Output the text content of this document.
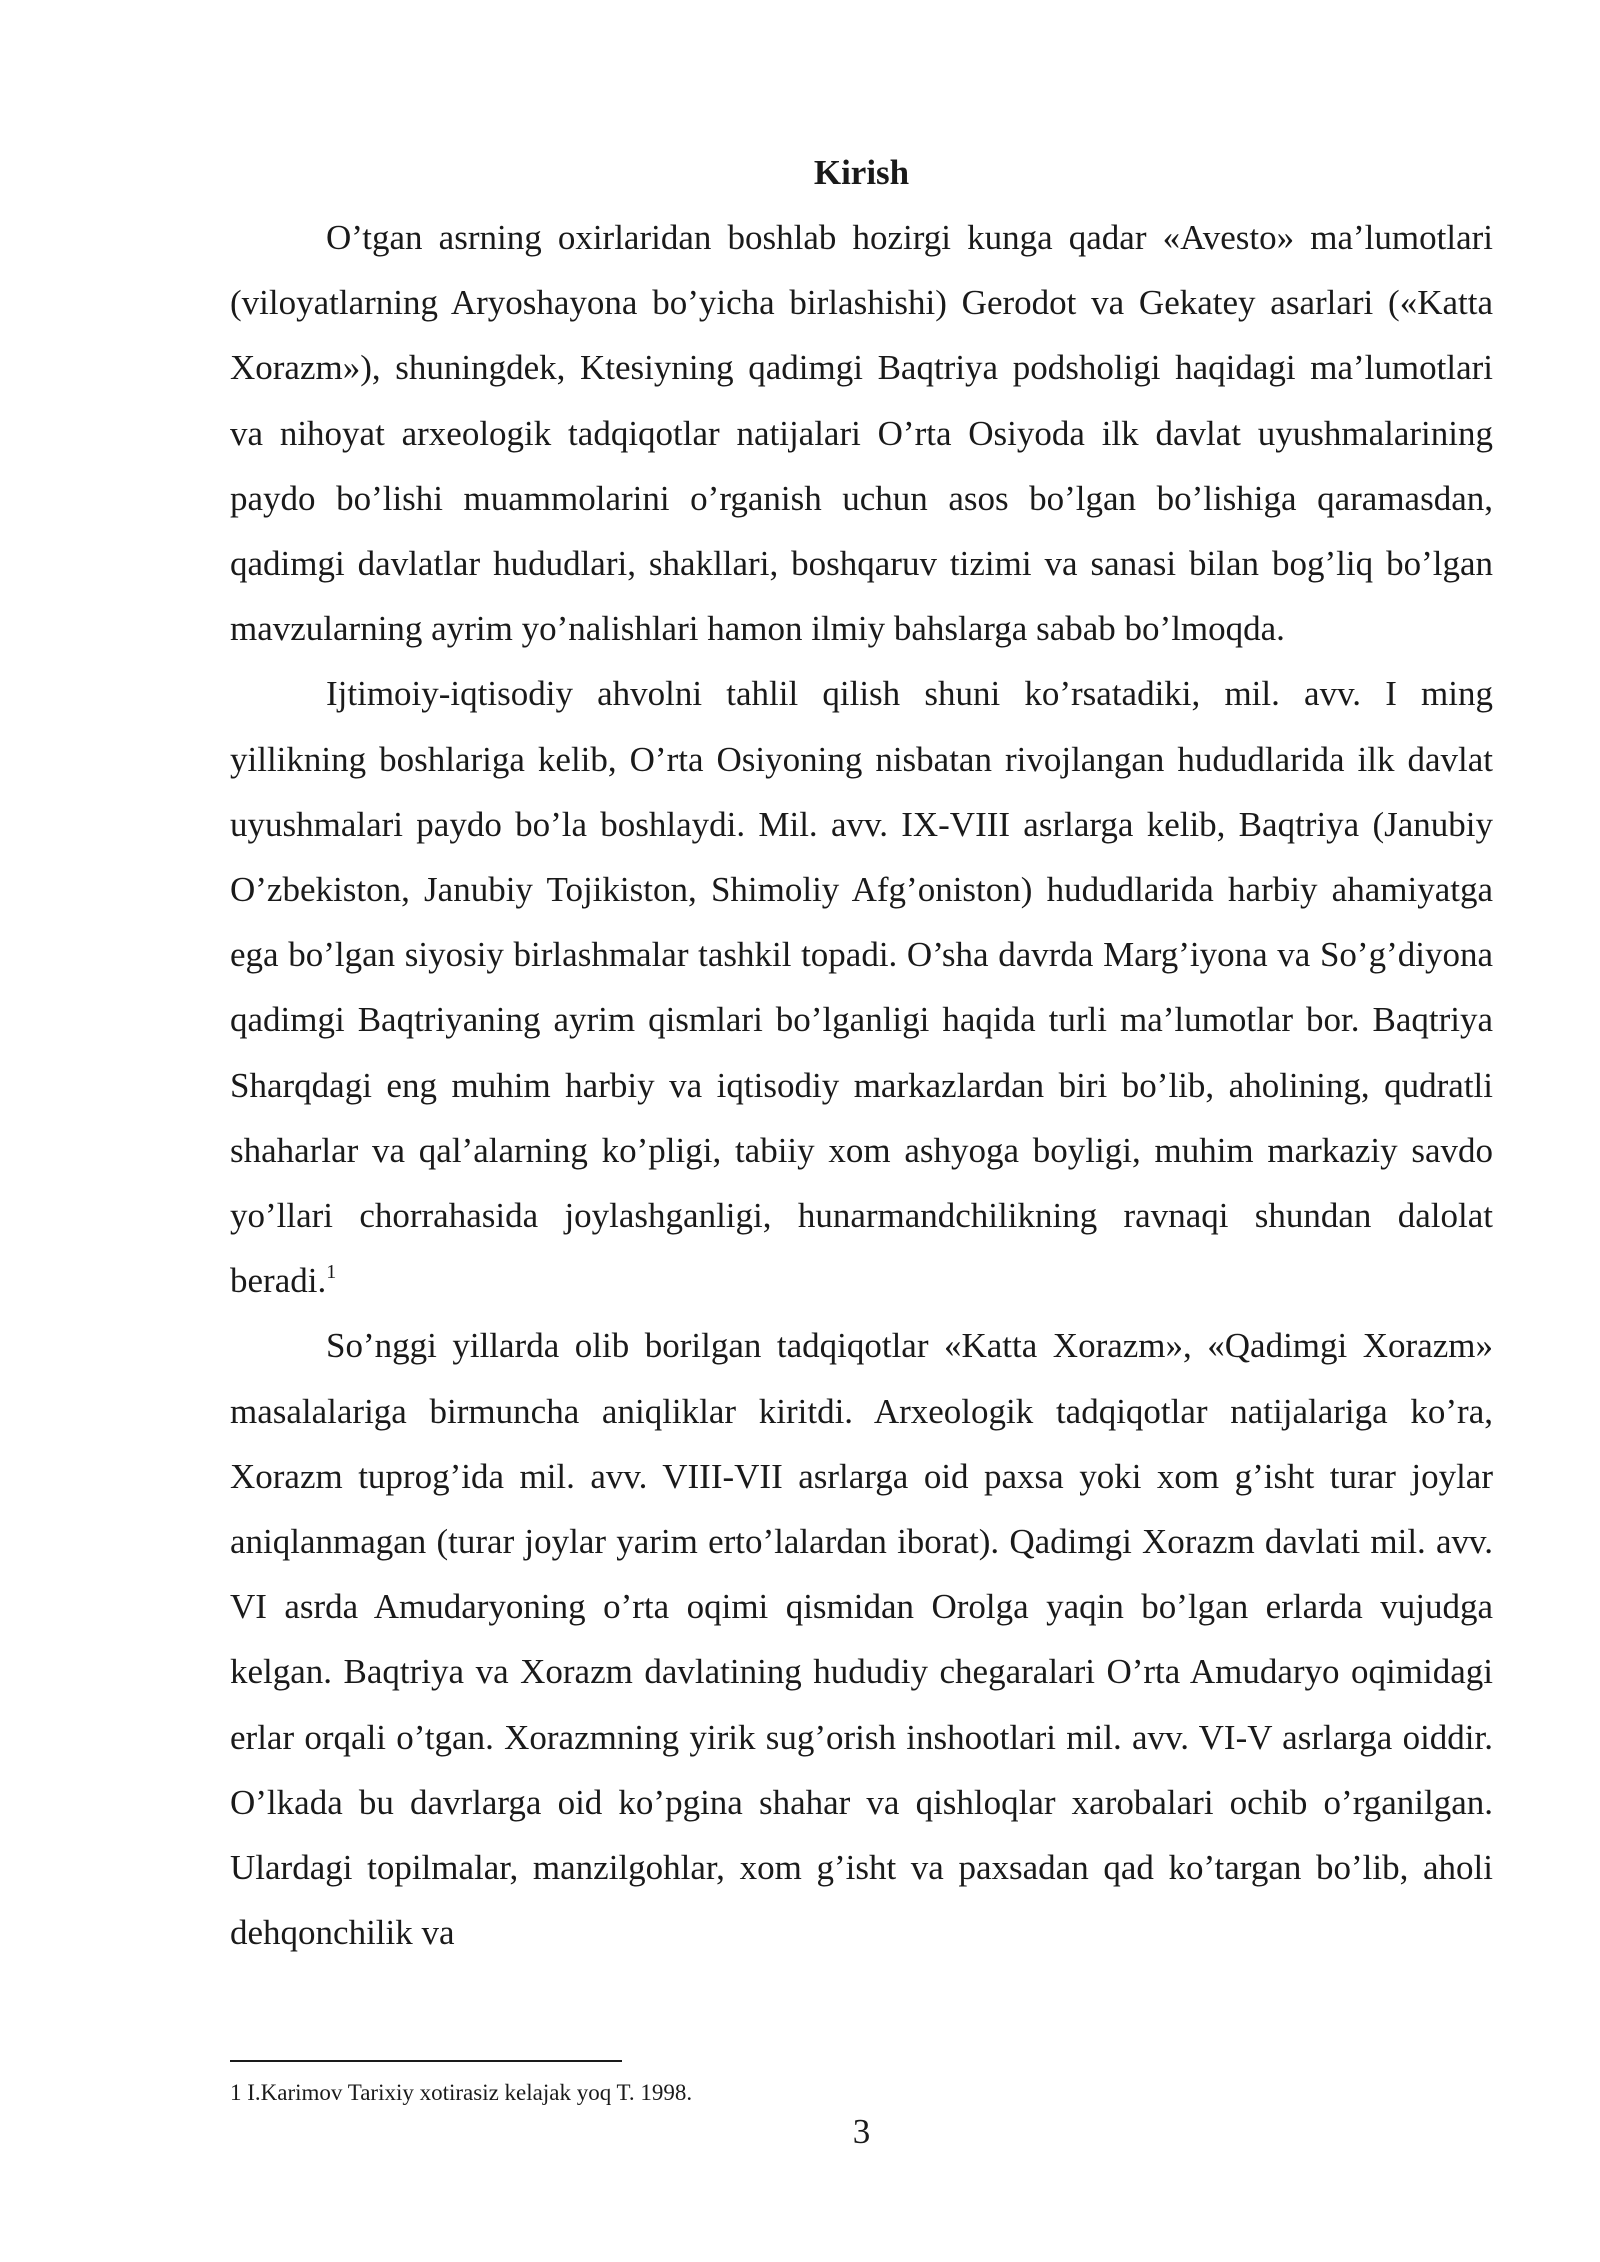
Kirish

O’tgan asrning oxirlaridan boshlab hozirgi kunga qadar «Avesto» ma’lumotlari (viloyatlarning Aryoshayona bo’yicha birlashishi) Gerodot va Gekatey asarlari («Katta Xorazm»), shuningdek, Ktesiyning qadimgi Baqtriya podsholigi haqidagi ma’lumotlari va nihoyat arxeologik tadqiqotlar natijalari O’rta Osiyoda ilk davlat uyushmalarining paydo bo’lishi muammolarini o’rganish uchun asos bo’lgan bo’lishiga qaramasdan, qadimgi davlatlar hududlari, shakllari, boshqaruv tizimi va sanasi bilan bog’liq bo’lgan mavzularning ayrim yo’nalishlari hamon ilmiy bahslarga sabab bo’lmoqda.

Ijtimoiy-iqtisodiy ahvolni tahlil qilish shuni ko’rsatadiki, mil. avv. I ming yillikning boshlariga kelib, O’rta Osiyoning nisbatan rivojlangan hududlarida ilk davlat uyushmalari paydo bo’la boshlaydi. Mil. avv. IX-VIII asrlarga kelib, Baqtriya (Janubiy O’zbekiston, Janubiy Tojikiston, Shimoliy Afg’oniston) hududlarida harbiy ahamiyatga ega bo’lgan siyosiy birlashmalar tashkil topadi. O’sha davrda Marg’iyona va So’g’diyona qadimgi Baqtriyaning ayrim qismlari bo’lganligi haqida turli ma’lumotlar bor. Baqtriya Sharqdagi eng muhim harbiy va iqtisodiy markazlardan biri bo’lib, aholining, qudratli shaharlar va qal’alarning ko’pligi, tabiiy xom ashyoga boyligi, muhim markaziy savdo yo’llari chorrahasida joylashganligi, hunarmandchilikning ravnaqi shundan dalolat beradi.$^1$

So’nggi yillarda olib borilgan tadqiqotlar «Katta Xorazm», «Qadimgi Xorazm» masalalariga birmuncha aniqliklar kiritdi. Arxeologik tadqiqotlar natijalariga ko’ra, Xorazm tuprog’ida mil. avv. VIII-VII asrlarga oid paxsa yoki xom g’isht turar joylar aniqlanmagan (turar joylar yarim erto’lalardan iborat). Qadimgi Xorazm davlati mil. avv. VI asrda Amudaryoning o’rta oqimi qismidan Orolga yaqin bo’lgan erlarda vujudga kelgan. Baqtriya va Xorazm davlatining hududiy chegaralari O’rta Amudaryo oqimidagi erlar orqali o’tgan. Xorazmning yirik sug’orish inshootlari mil. avv. VI-V asrlarga oiddir. O’lkada bu davrlarga oid ko’pgina shahar va qishloqlar xarobalari ochib o’rganilgan. Ulardagi topilmalar, manzilgohlar, xom g’isht va paxsadan qad ko’targan bo’lib, aholi dehqonchilik va

1 I.Karimov Tarixiy xotirasiz kelajak yoq T. 1998.
3
